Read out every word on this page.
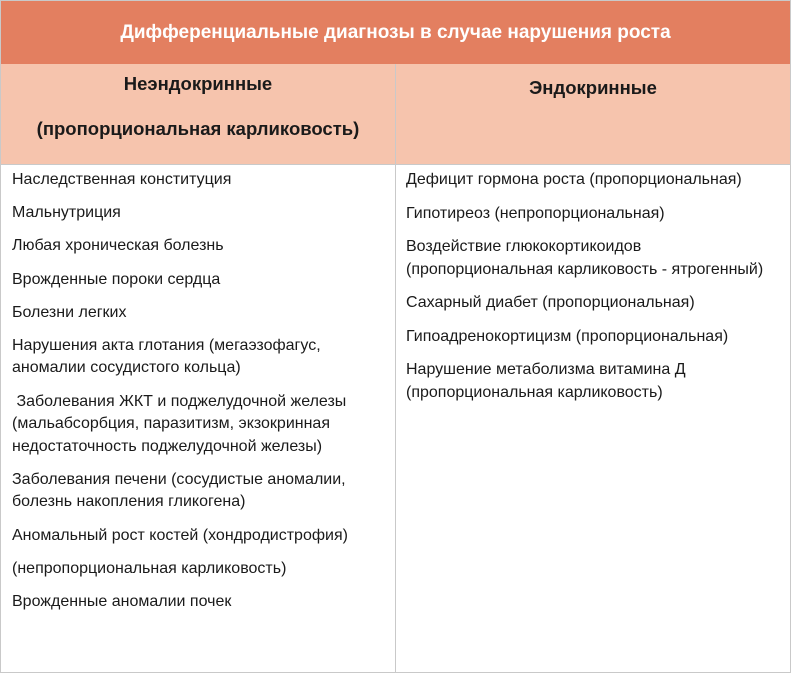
Дифференциальные диагнозы в случае нарушения роста
Неэндокринные
(пропорциональная карликовость)
Эндокринные

Наследственная конституция

Мальнутриция

Любая хроническая болезнь

Врожденные пороки сердца

Болезни легких

Нарушения акта глотания (мегаэзофагус, аномалии сосудистого кольца)

Заболевания ЖКТ и поджелудочной железы (мальабсорбция, паразитизм, экзокринная недостаточность поджелудочной железы)

Заболевания печени (сосудистые аномалии, болезнь накопления гликогена)

Аномальный рост костей (хондродистрофия)

(непропорциональная карликовость)

Врожденные аномалии почек

Дефицит гормона роста (пропорциональная)

Гипотиреоз (непропорциональная)

Воздействие глюкокортикоидов (пропорциональная карликовость - ятрогенный)

Сахарный диабет (пропорциональная)

Гипоадренокортицизм (пропорциональная)

Нарушение метаболизма витамина Д (пропорциональная карликовость)
